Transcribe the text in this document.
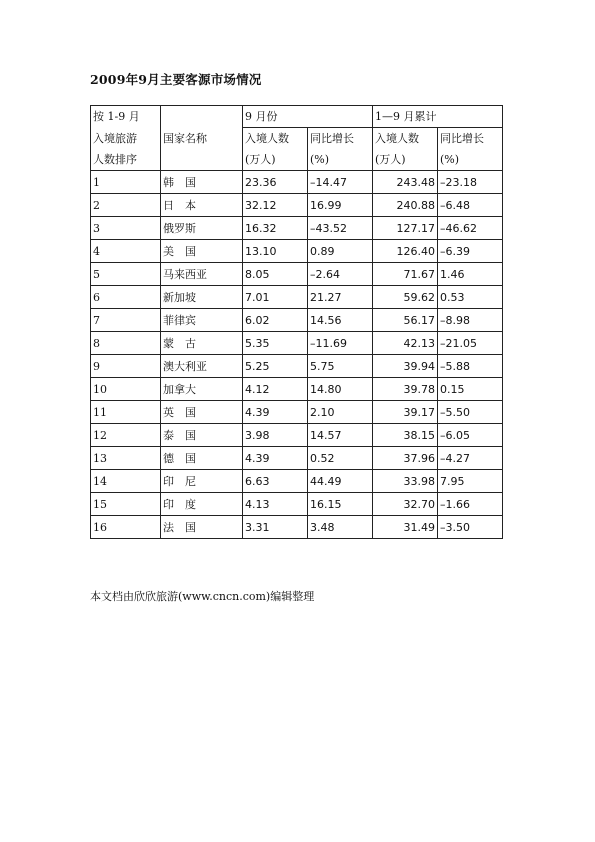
2009年9月主要客源市场情况
按 1-9 月		9 月份		1—9 月累计	
入境旅游	国家名称	入境人数	同比增长	入境人数	同比增长
人数排序		(万人)	(%)	(万人)	(%)
1	韩　国	23.36	–14.47	243.48	–23.18
2	日　本	32.12	16.99	240.88	–6.48
3	俄罗斯	16.32	–43.52	127.17	–46.62
4	美　国	13.10	0.89	126.40	–6.39
5	马来西亚	8.05	–2.64	71.67	1.46
6	新加坡	7.01	21.27	59.62	0.53
7	菲律宾	6.02	14.56	56.17	–8.98
8	蒙　古	5.35	–11.69	42.13	–21.05
9	澳大利亚	5.25	5.75	39.94	–5.88
10	加拿大	4.12	14.80	39.78	0.15
11	英　国	4.39	2.10	39.17	–5.50
12	泰　国	3.98	14.57	38.15	–6.05
13	德　国	4.39	0.52	37.96	–4.27
14	印　尼	6.63	44.49	33.98	7.95
15	印　度	4.13	16.15	32.70	–1.66
16	法　国	3.31	3.48	31.49	–3.50
本文档由欣欣旅游(www.cncn.com)编辑整理
